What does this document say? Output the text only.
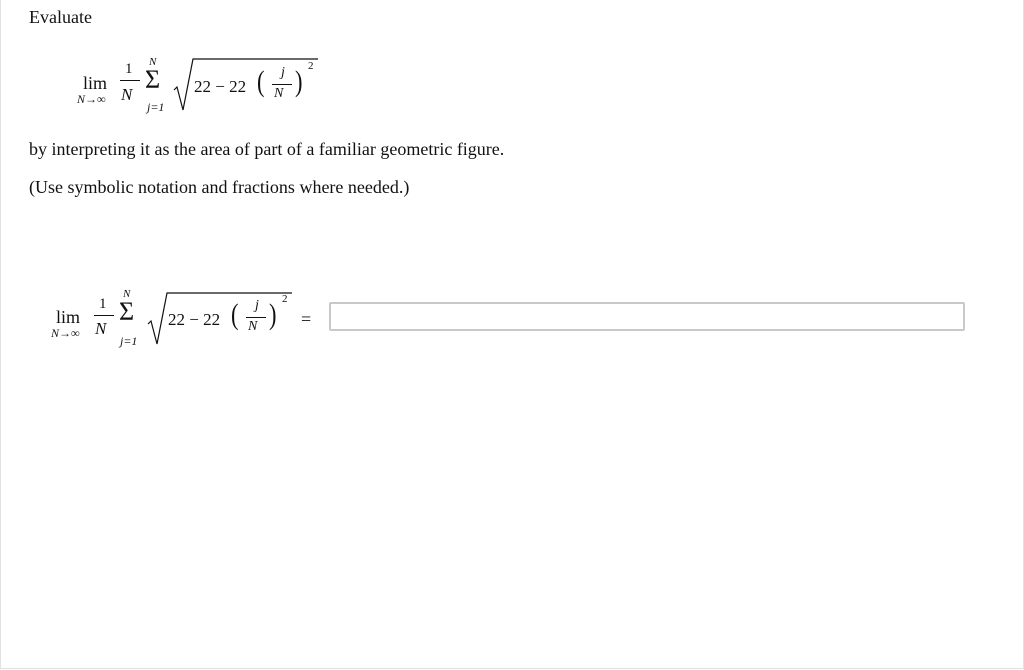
Evaluate
lim
N→∞
1
N
N
Σ
j=1
22 − 22 ( j
N ) 2
by interpreting it as the area of part of a familiar geometric figure.
(Use symbolic notation and fractions where needed.)
lim
N→∞
1
N
N
Σ
j=1
22 − 22 ( j
N ) 2
=
